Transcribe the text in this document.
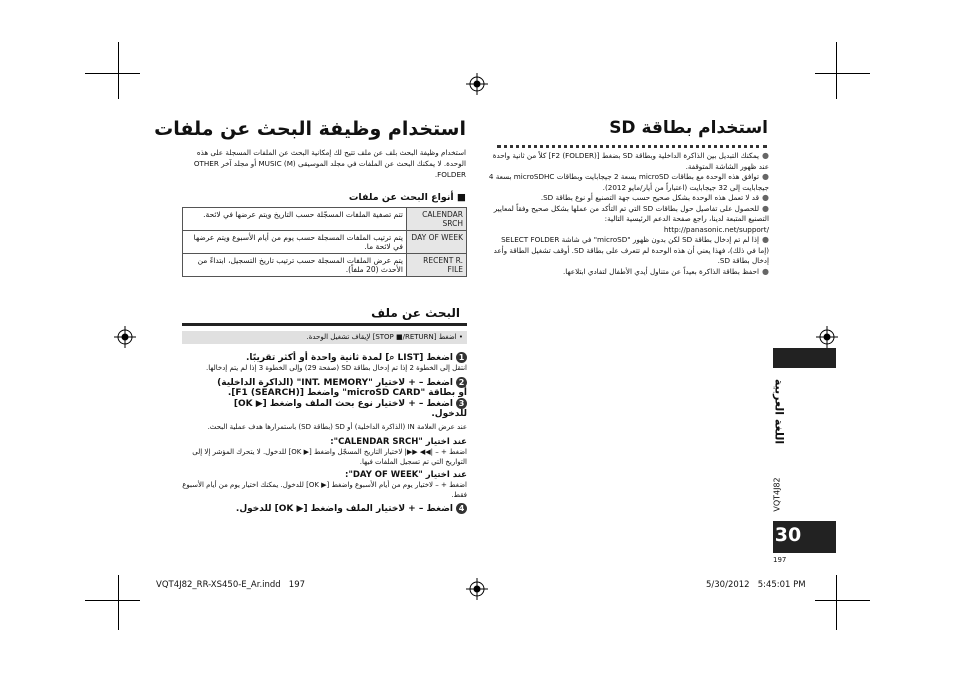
استخدام بطاقة SD
● يمكنك التبديل بين الذاكرة الداخلية وبطاقة SD بضغط [F2 (FOLDER)] كلاً من ثانية واحدة عند ظهور الشاشة المتوقفة.
● توافق هذه الوحدة مع بطاقات microSD بسعة 2 جيجابايت وبطاقات microSDHC بسعة 4 جيجابايت إلى 32 جيجابايت (اعتباراً من أيار/مايو 2012).
● قد لا تعمل هذه الوحدة بشكل صحيح حسب جهة التصنيع أو نوع بطاقة SD.
● للحصول على تفاصيل حول بطاقات SD التي تم التأكد من عملها بشكل صحيح وفقاً لمعايير التصنيع المتبعة لدينا، راجع صفحة الدعم الرئيسية التالية:
http://panasonic.net/support/
● إذا لم تم إدخال بطاقة SD لكن بدون ظهور "microSD" في شاشة SELECT FOLDER (إما في ذلك)، فهذا يعني أن هذه الوحدة لم تتعرف على بطاقة SD. أوقف تشغيل الطاقة وأعد إدخال بطاقة SD.
● احفظ بطاقة الذاكرة بعيداً عن متناول أيدي الأطفال لتفادي ابتلاعها.
استخدام وظيفة البحث عن ملفات
استخدام وظيفة البحث بلف عن ملف تتيح لك إمكانية البحث عن الملفات المسجلة على هذه الوحدة. لا يمكنك البحث عن الملفات في مجلد الموسيقى MUSIC (M) أو مجلد آخر OTHER FOLDER.
■ أنواع البحث عن ملفات
تتم تصفية الملفات المسجّلة حسب التاريخ ويتم عرضها في لائحة.	CALENDAR SRCH
يتم ترتيب الملفات المسجلة حسب يوم من أيام الأسبوع ويتم عرضها في لائحة ما.	DAY OF WEEK
يتم عرض الملفات المسجلة حسب ترتيب تاريخ التسجيل، ابتداءً من الأحدث (20 ملفاً).	RECENT R. FILE
البحث عن ملف
• اضغط [STOP ■/RETURN] لإيقاف تشغيل الوحدة.
1اضغط [LIST ⌕] لمدة ثانية واحدة أو أكثر تقريبًا.
انتقل إلى الخطوة 2 إذا تم إدخال بطاقة SD (صفحة 29) وإلى الخطوة 3 إذا لم يتم إدخالها.
2اضغط – + لاختيار "INT. MEMORY" (الذاكرة الداخلية)
أو بطاقة "microSD CARD" واضغط [F1 (SEARCH)].
3اضغط – + لاختيار نوع بحث الملف واضغط [▶ OK]
للدخول.
عند عرض العلامة IN (الذاكرة الداخلية) أو SD (بطاقة SD) باستمرارها هدف عملية البحث.
عند اختيار "CALENDAR SRCH":
اضغط + – |◀◀ ▶▶| لاختيار التاريخ المسجّل واضغط [▶ OK] للدخول. لا يتحرك المؤشر إلا إلى التواريخ التي تم تسجيل الملفات فيها.
عند اختيار "DAY OF WEEK":
اضغط + – لاختيار يوم من أيام الأسبوع واضغط [▶ OK] للدخول. يمكنك اختيار يوم من أيام الأسبوع فقط.
4اضغط – + لاختيار الملف واضغط [▶ OK] للدخول.
اللغة العربية
VQT4J82
30
197
VQT4J82_RR-XS450-E_Ar.indd   197	5/30/2012   5:45:01 PM
